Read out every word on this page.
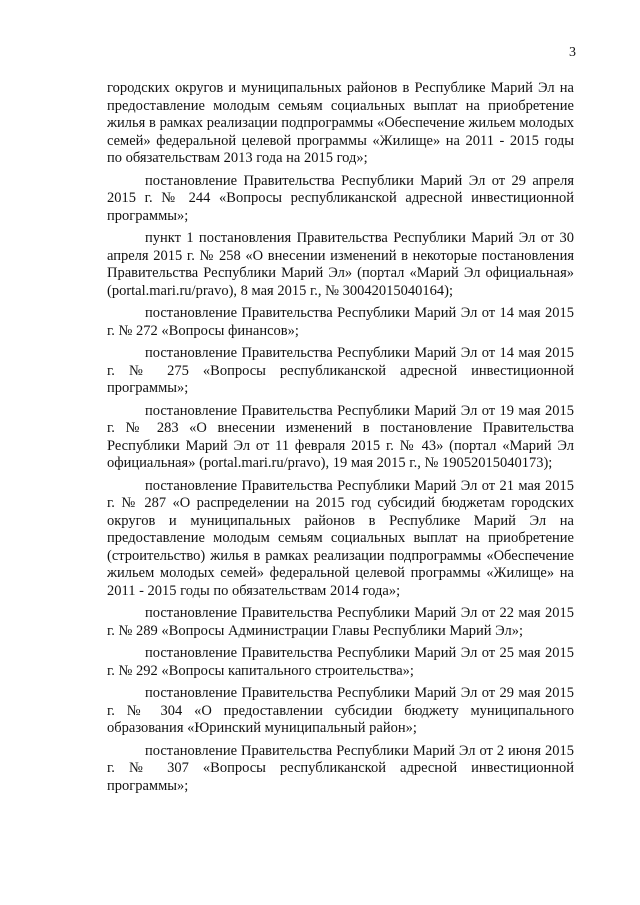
3

городских округов и муниципальных районов в Республике Марий Эл на предоставление молодым семьям социальных выплат на приобретение жилья в рамках реализации подпрограммы «Обеспечение жильем молодых семей» федеральной целевой программы «Жилище» на 2011 - 2015 годы по обязательствам 2013 года на 2015 год»;

постановление Правительства Республики Марий Эл от 29 апреля 2015 г. № 244 «Вопросы республиканской адресной инвестиционной программы»;

пункт 1 постановления Правительства Республики Марий Эл от 30 апреля 2015 г. № 258 «О внесении изменений в некоторые постановления Правительства Республики Марий Эл» (портал «Марий Эл официальная» (portal.mari.ru/pravo), 8 мая 2015 г., № 30042015040164);

постановление Правительства Республики Марий Эл от 14 мая 2015 г. № 272 «Вопросы финансов»;

постановление Правительства Республики Марий Эл от 14 мая 2015 г. № 275 «Вопросы республиканской адресной инвестиционной программы»;

постановление Правительства Республики Марий Эл от 19 мая 2015 г. № 283 «О внесении изменений в постановление Правительства Республики Марий Эл от 11 февраля 2015 г. № 43» (портал «Марий Эл официальная» (portal.mari.ru/pravo), 19 мая 2015 г., № 19052015040173);

постановление Правительства Республики Марий Эл от 21 мая 2015 г. № 287 «О распределении на 2015 год субсидий бюджетам городских округов и муниципальных районов в Республике Марий Эл на предоставление молодым семьям социальных выплат на приобретение (строительство) жилья в рамках реализации подпрограммы «Обеспечение жильем молодых семей» федеральной целевой программы «Жилище» на 2011 - 2015 годы по обязательствам 2014 года»;

постановление Правительства Республики Марий Эл от 22 мая 2015 г. № 289 «Вопросы Администрации Главы Республики Марий Эл»;

постановление Правительства Республики Марий Эл от 25 мая 2015 г. № 292 «Вопросы капитального строительства»;

постановление Правительства Республики Марий Эл от 29 мая 2015 г. № 304 «О предоставлении субсидии бюджету муниципального образования «Юринский муниципальный район»;

постановление Правительства Республики Марий Эл от 2 июня 2015 г. № 307 «Вопросы республиканской адресной инвестиционной программы»;
